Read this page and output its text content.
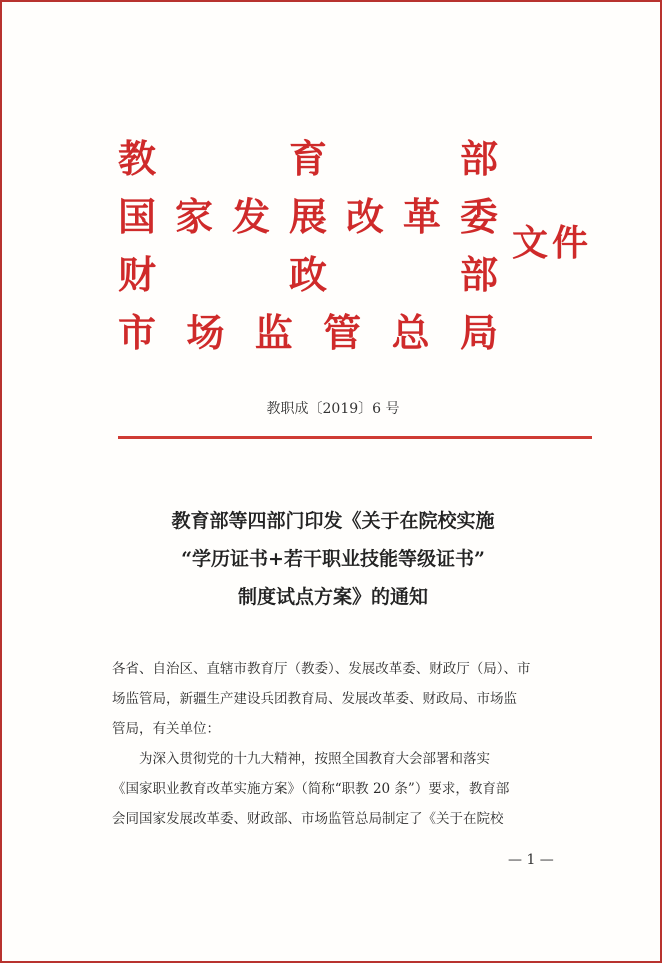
教	育	部
国 家 发 展 改 革 委
财	政	部
市 场 监 管 总 局
文件
教职成〔2019〕6 号
教育部等四部门印发《关于在院校实施
“学历证书+若干职业技能等级证书”
制度试点方案》的通知
各省、自治区、直辖市教育厅（教委）、发展改革委、财政厅（局）、市
场监管局，新疆生产建设兵团教育局、发展改革委、财政局、市场监
管局，有关单位：
为深入贯彻党的十九大精神，按照全国教育大会部署和落实
《国家职业教育改革实施方案》（简称“职教 20 条”）要求，教育部
会同国家发展改革委、财政部、市场监管总局制定了《关于在院校
— 1 —
